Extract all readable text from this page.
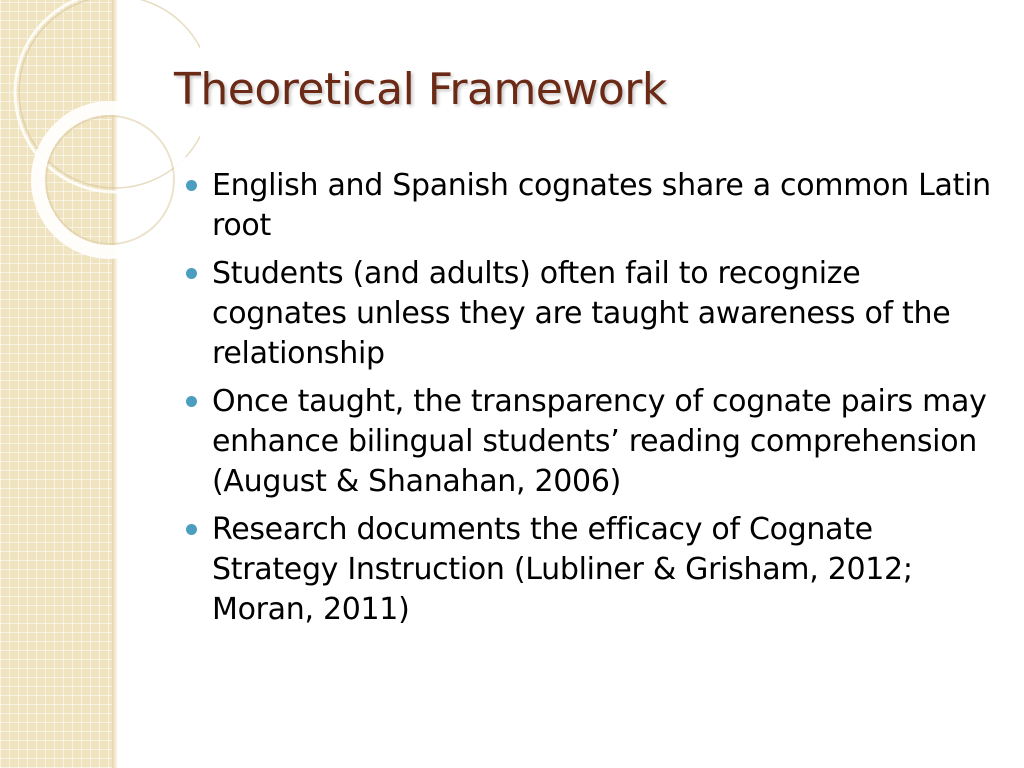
Theoretical Framework
English and Spanish cognates share a common Latin root
Students (and adults) often fail to recognize cognates unless they are taught awareness of the relationship
Once taught, the transparency of cognate pairs may enhance bilingual students’ reading comprehension (August & Shanahan, 2006)
Research documents the efficacy of Cognate Strategy Instruction (Lubliner & Grisham, 2012; Moran, 2011)
